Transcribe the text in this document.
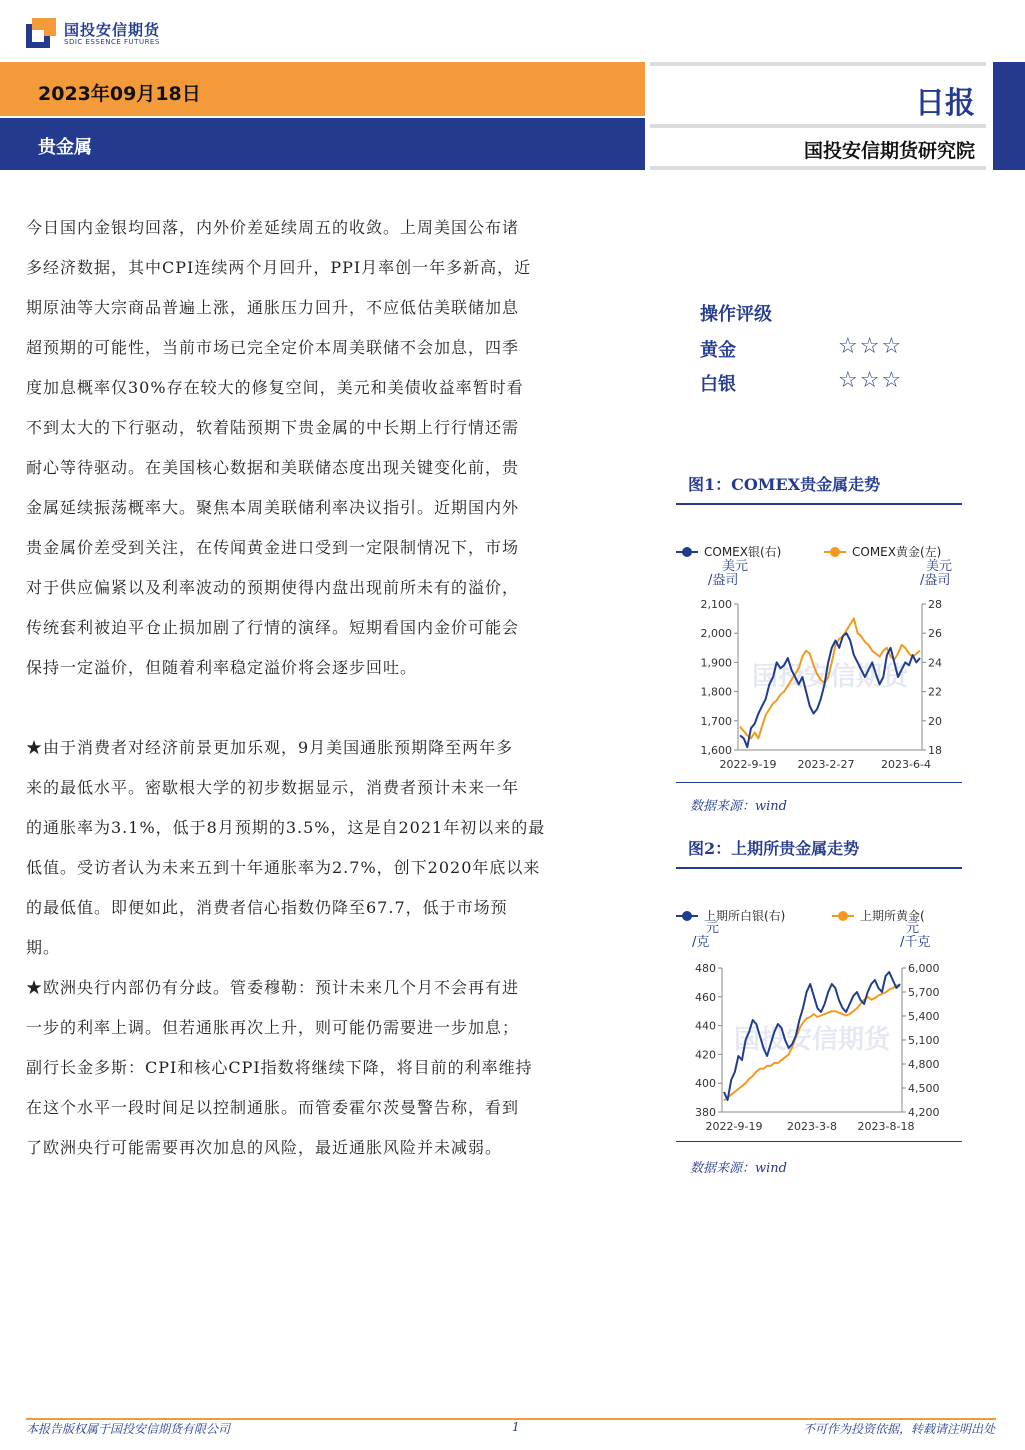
国投安信期货
SDIC ESSENCE FUTURES
2023年09月18日
贵金属
日报
国投安信期货研究院
今日国内金银均回落，内外价差延续周五的收敛。上周美国公布诸
多经济数据，其中CPI连续两个月回升，PPI月率创一年多新高，近
期原油等大宗商品普遍上涨，通胀压力回升，不应低估美联储加息
超预期的可能性，当前市场已完全定价本周美联储不会加息，四季
度加息概率仅30%存在较大的修复空间，美元和美债收益率暂时看
不到太大的下行驱动，软着陆预期下贵金属的中长期上行行情还需
耐心等待驱动。在美国核心数据和美联储态度出现关键变化前，贵
金属延续振荡概率大。聚焦本周美联储利率决议指引。近期国内外
贵金属价差受到关注，在传闻黄金进口受到一定限制情况下，市场
对于供应偏紧以及利率波动的预期使得内盘出现前所未有的溢价，
传统套利被迫平仓止损加剧了行情的演绎。短期看国内金价可能会
保持一定溢价，但随着利率稳定溢价将会逐步回吐。
★由于消费者对经济前景更加乐观，9月美国通胀预期降至两年多
来的最低水平。密歇根大学的初步数据显示，消费者预计未来一年
的通胀率为3.1%，低于8月预期的3.5%，这是自2021年初以来的最
低值。受访者认为未来五到十年通胀率为2.7%，创下2020年底以来
的最低值。即便如此，消费者信心指数仍降至67.7，低于市场预
期。
★欧洲央行内部仍有分歧。管委穆勒：预计未来几个月不会再有进
一步的利率上调。但若通胀再次上升，则可能仍需要进一步加息；
副行长金多斯：CPI和核心CPI指数将继续下降，将目前的利率维持
在这个水平一段时间足以控制通胀。而管委霍尔茨曼警告称，看到
了欧洲央行可能需要再次加息的风险，最近通胀风险并未减弱。
操作评级
黄金	☆☆☆
白银	☆☆☆
图1：COMEX贵金属走势
COMEX银(右)	COMEX黄金(左)
美元
/盎司
美元
/盎司
1,600
1,700
1,800
1,900
2,000
2,100
18
20
22
24
26
28
2022-9-19 2023-2-27 2023-6-4
国投安信期货
数据来源：wind
图2：上期所贵金属走势
上期所白银(右)	上期所黄金(
元
/克
元
/千克
380
400
420
440
460
480
4,200
4,500
4,800
5,100
5,400
5,700
6,000
2022-9-19 2023-3-8 2023-8-18
国投安信期货
数据来源：wind
本报告版权属于国投安信期货有限公司	1	不可作为投资依据，转载请注明出处
